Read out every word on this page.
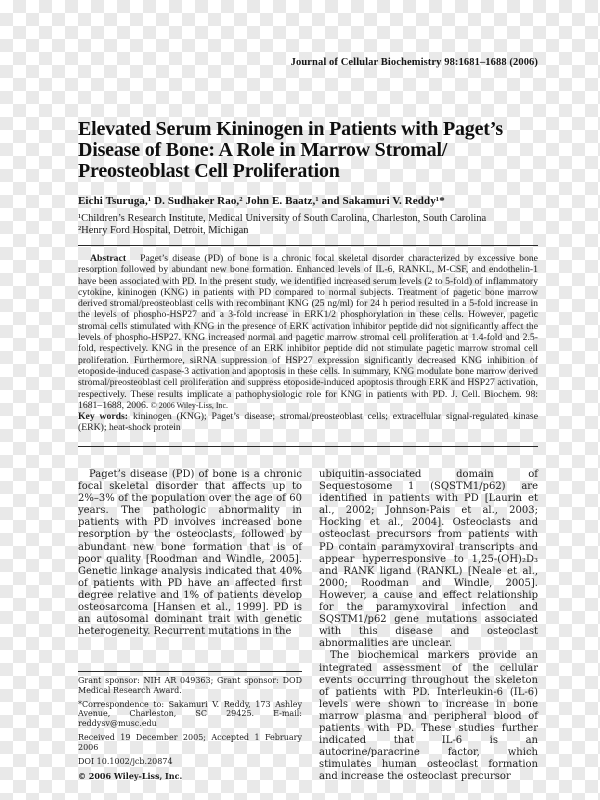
Journal of Cellular Biochemistry 98:1681–1688 (2006)
Elevated Serum Kininogen in Patients with Paget’s
Disease of Bone: A Role in Marrow Stromal/
Preosteoblast Cell Proliferation
Eichi Tsuruga,¹ D. Sudhaker Rao,² John E. Baatz,¹ and Sakamuri V. Reddy¹*
¹Children’s Research Institute, Medical University of South Carolina, Charleston, South Carolina
²Henry Ford Hospital, Detroit, Michigan

Abstract Paget’s disease (PD) of bone is a chronic focal skeletal disorder characterized by excessive bone resorption followed by abundant new bone formation. Enhanced levels of IL-6, RANKL, M-CSF, and endothelin-1 have been associated with PD. In the present study, we identified increased serum levels (2 to 5-fold) of inflammatory cytokine, kininogen (KNG) in patients with PD compared to normal subjects. Treatment of pagetic bone marrow derived stromal/preosteoblast cells with recombinant KNG (25 ng/ml) for 24 h period resulted in a 5-fold increase in the levels of phospho-HSP27 and a 3-fold increase in ERK1/2 phosphorylation in these cells. However, pagetic stromal cells stimulated with KNG in the presence of ERK activation inhibitor peptide did not significantly affect the levels of phospho-HSP27. KNG increased normal and pagetic marrow stromal cell proliferation at 1.4-fold and 2.5-fold, respectively. KNG in the presence of an ERK inhibitor peptide did not stimulate pagetic marrow stromal cell proliferation. Furthermore, siRNA suppression of HSP27 expression significantly decreased KNG inhibition of etoposide-induced caspase-3 activation and apoptosis in these cells. In summary, KNG modulate bone marrow derived stromal/preosteoblast cell proliferation and suppress etoposide-induced apoptosis through ERK and HSP27 activation, respectively. These results implicate a pathophysiologic role for KNG in patients with PD. J. Cell. Biochem. 98: 1681–1688, 2006. © 2006 Wiley-Liss, Inc.

Key words: kininogen (KNG); Paget’s disease; stromal/preosteoblast cells; extracellular signal-regulated kinase (ERK); heat-shock protein

Paget’s disease (PD) of bone is a chronic focal skeletal disorder that affects up to 2%–3% of the population over the age of 60 years. The pathologic abnormality in patients with PD involves increased bone resorption by the osteoclasts, followed by abundant new bone formation that is of poor quality [Roodman and Windle, 2005]. Genetic linkage analysis indicated that 40% of patients with PD have an affected first degree relative and 1% of patients develop osteosarcoma [Hansen et al., 1999]. PD is an autosomal dominant trait with genetic heterogeneity. Recurrent mutations in the

ubiquitin-associated domain of Sequestosome 1 (SQSTM1/p62) are identified in patients with PD [Laurin et al., 2002; Johnson-Pais et al., 2003; Hocking et al., 2004]. Osteoclasts and osteoclast precursors from patients with PD contain paramyxoviral transcripts and appear hyperresponsive to 1,25-(OH)₂D₃ and RANK ligand (RANKL) [Neale et al., 2000; Roodman and Windle, 2005]. However, a cause and effect relationship for the paramyxoviral infection and SQSTM1/p62 gene mutations associated with this disease and osteoclast abnormalities are unclear.

The biochemical markers provide an integrated assessment of the cellular events occurring throughout the skeleton of patients with PD. Interleukin-6 (IL-6) levels were shown to increase in bone marrow plasma and peripheral blood of patients with PD. These studies further indicated that IL-6 is an autocrine/paracrine factor, which stimulates human osteoclast formation and increase the osteoclast precursor

Grant sponsor: NIH AR 049363; Grant sponsor: DOD Medical Research Award.

*Correspondence to: Sakamuri V. Reddy, 173 Ashley Avenue, Charleston, SC 29425. E-mail: reddysv@musc.edu

Received 19 December 2005; Accepted 1 February 2006

DOI 10.1002/jcb.20874

© 2006 Wiley-Liss, Inc.
